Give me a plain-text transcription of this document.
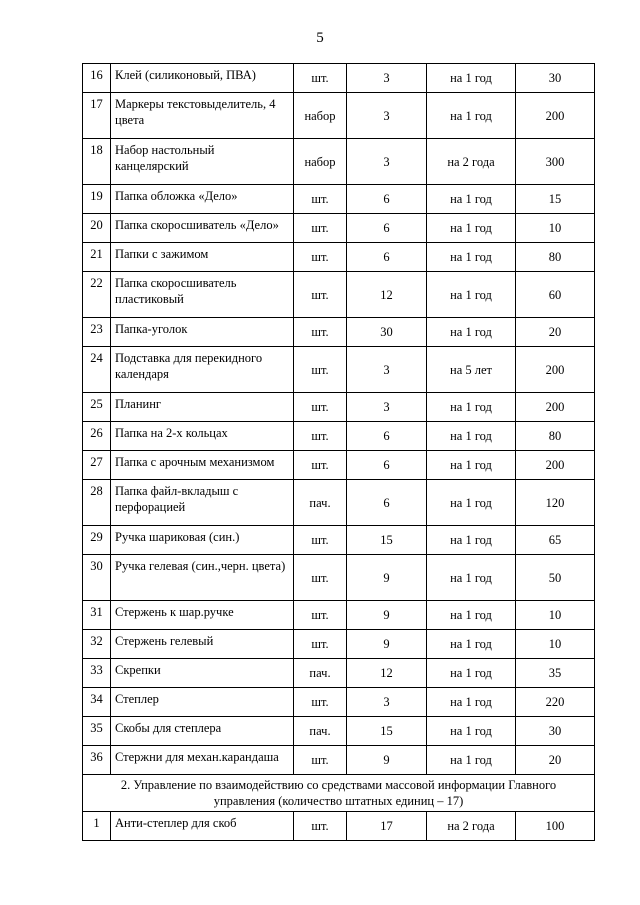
5
16	Клей (силиконовый, ПВА)	шт.	3	на 1 год	30
17	Маркеры текстовыделитель, 4 цвета	набор	3	на 1 год	200
18	Набор настольный канцелярский	набор	3	на 2 года	300
19	Папка обложка «Дело»	шт.	6	на 1 год	15
20	Папка скоросшиватель «Дело»	шт.	6	на 1 год	10
21	Папки с зажимом	шт.	6	на 1 год	80
22	Папка скоросшиватель пластиковый	шт.	12	на 1 год	60
23	Папка-уголок	шт.	30	на 1 год	20
24	Подставка для перекидного календаря	шт.	3	на 5 лет	200
25	Планинг	шт.	3	на 1 год	200
26	Папка на 2-х кольцах	шт.	6	на 1 год	80
27	Папка с арочным механизмом	шт.	6	на 1 год	200
28	Папка файл-вкладыш с перфорацией	пач.	6	на 1 год	120
29	Ручка шариковая (син.)	шт.	15	на 1 год	65
30	Ручка гелевая (син.,черн. цвета)	шт.	9	на 1 год	50
31	Стержень к шар.ручке	шт.	9	на 1 год	10
32	Стержень гелевый	шт.	9	на 1 год	10
33	Скрепки	пач.	12	на 1 год	35
34	Степлер	шт.	3	на 1 год	220
35	Скобы для степлера	пач.	15	на 1 год	30
36	Стержни для механ.карандаша	шт.	9	на 1 год	20
2. Управление по взаимодействию со средствами массовой информации Главного управления (количество штатных единиц – 17)					
1	Анти-степлер для скоб	шт.	17	на 2 года	100
